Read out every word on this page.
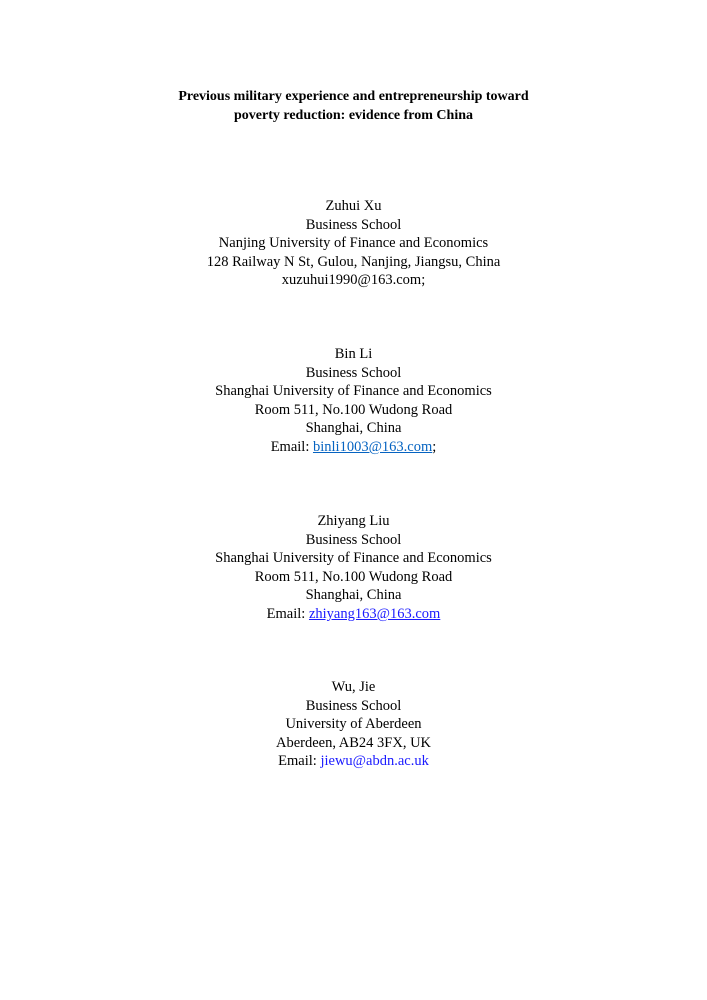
Previous military experience and entrepreneurship toward
poverty reduction: evidence from China
Zuhui Xu
Business School
Nanjing University of Finance and Economics
128 Railway N St, Gulou, Nanjing, Jiangsu, China
xuzuhui1990@163.com;
Bin Li
Business School
Shanghai University of Finance and Economics
Room 511, No.100 Wudong Road
Shanghai, China
Email: binli1003@163.com;
Zhiyang Liu
Business School
Shanghai University of Finance and Economics
Room 511, No.100 Wudong Road
Shanghai, China
Email: zhiyang163@163.com
Wu, Jie
Business School
University of Aberdeen
Aberdeen, AB24 3FX, UK
Email: jiewu@abdn.ac.uk
